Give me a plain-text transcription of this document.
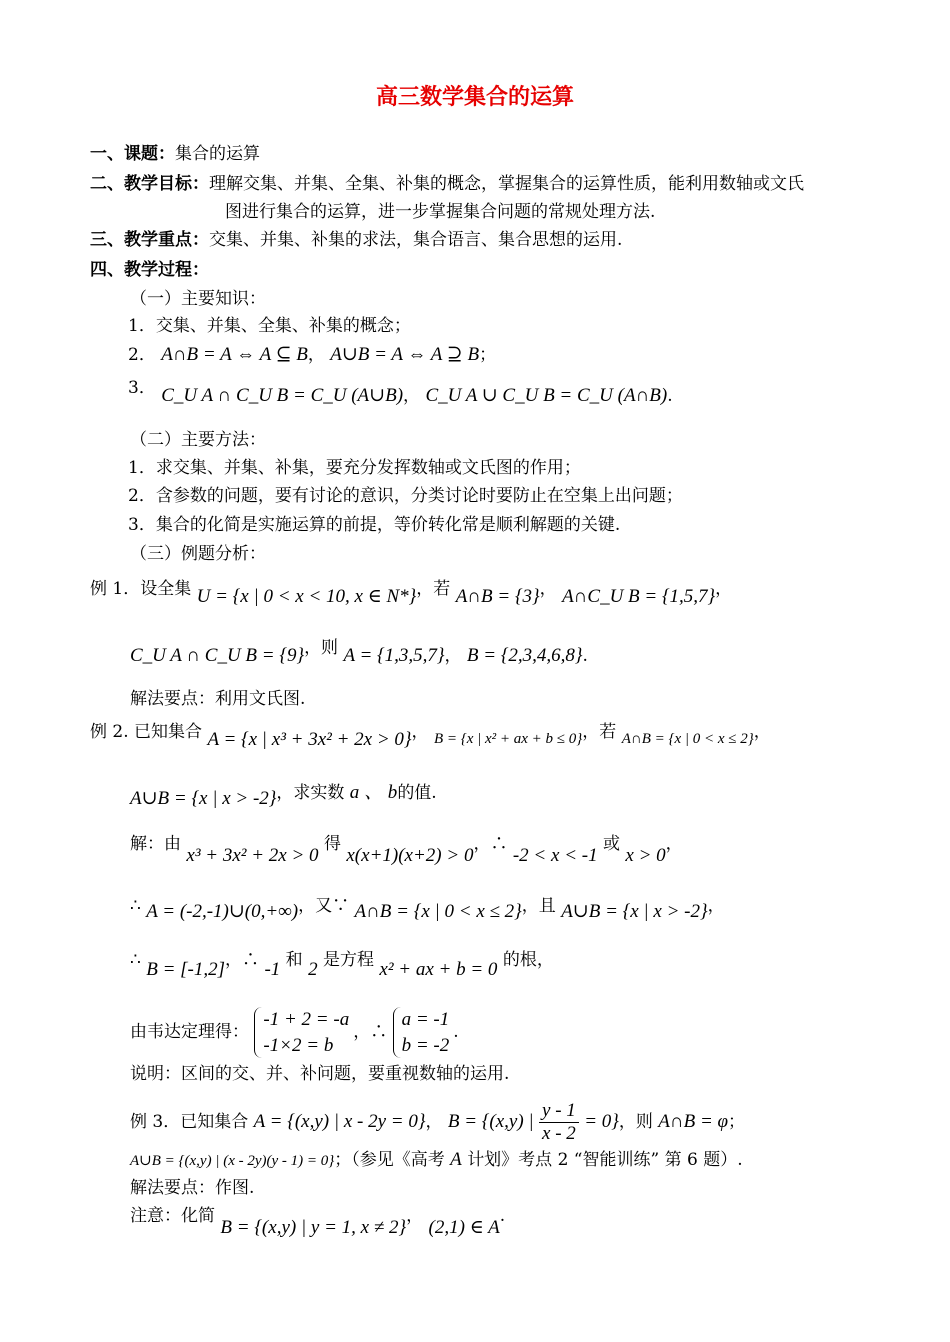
高三数学集合的运算
一、课题：集合的运算
二、教学目标：理解交集、并集、全集、补集的概念，掌握集合的运算性质，能利用数轴或文氏
图进行集合的运算，进一步掌握集合问题的常规处理方法.
三、教学重点：交集、并集、补集的求法，集合语言、集合思想的运用.
四、教学过程：
（一）主要知识：
1．交集、并集、全集、补集的概念；
2． A∩B = A ⇔ A ⊆ B， A∪B = A ⇔ A ⊇ B；
3． C_U A ∩ C_U B = C_U (A∪B)， C_U A ∪ C_U B = C_U (A∩B).
（二）主要方法：
1．求交集、并集、补集，要充分发挥数轴或文氏图的作用；
2．含参数的问题，要有讨论的意识，分类讨论时要防止在空集上出问题；
3．集合的化简是实施运算的前提，等价转化常是顺利解题的关键.
（三）例题分析：
例 1．设全集 U = {x | 0 < x < 10, x ∈ N*}，若 A∩B = {3}， A∩C_U B = {1,5,7}，
C_U A ∩ C_U B = {9}，则 A = {1,3,5,7}， B = {2,3,4,6,8}.
解法要点：利用文氏图.
例 2. 已知集合 A = {x | x³ + 3x² + 2x > 0}， B = {x | x² + ax + b ≤ 0}，若 A∩B = {x | 0 < x ≤ 2}，
A∪B = {x | x > -2}，求实数 a 、 b的值.
解：由 x³ + 3x² + 2x > 0 得 x(x+1)(x+2) > 0，∴ -2 < x < -1 或 x > 0，
∴ A = (-2,-1)∪(0,+∞)，又∵ A∩B = {x | 0 < x ≤ 2}，且 A∪B = {x | x > -2}，
∴ B = [-1,2]，∴ -1 和 2 是方程 x² + ax + b = 0 的根，
由韦达定理得： -1 + 2 = -a
-1×2 = b，∴ a = -1
b = -2.
说明：区间的交、并、补问题，要重视数轴的运用.
例 3．已知集合 A = {(x,y) | x - 2y = 0}， B = {(x,y) | $\frac{y - 1}{x - 2} = 0$}，则 A∩B = φ；
A∪B = {(x,y) | (x - 2y)(y - 1) = 0}；（参见《高考 A 计划》考点 2 “智能训练” 第 6 题）.
解法要点：作图.
注意：化简 B = {(x,y) | y = 1, x ≠ 2}， (2,1) ∈ A.
